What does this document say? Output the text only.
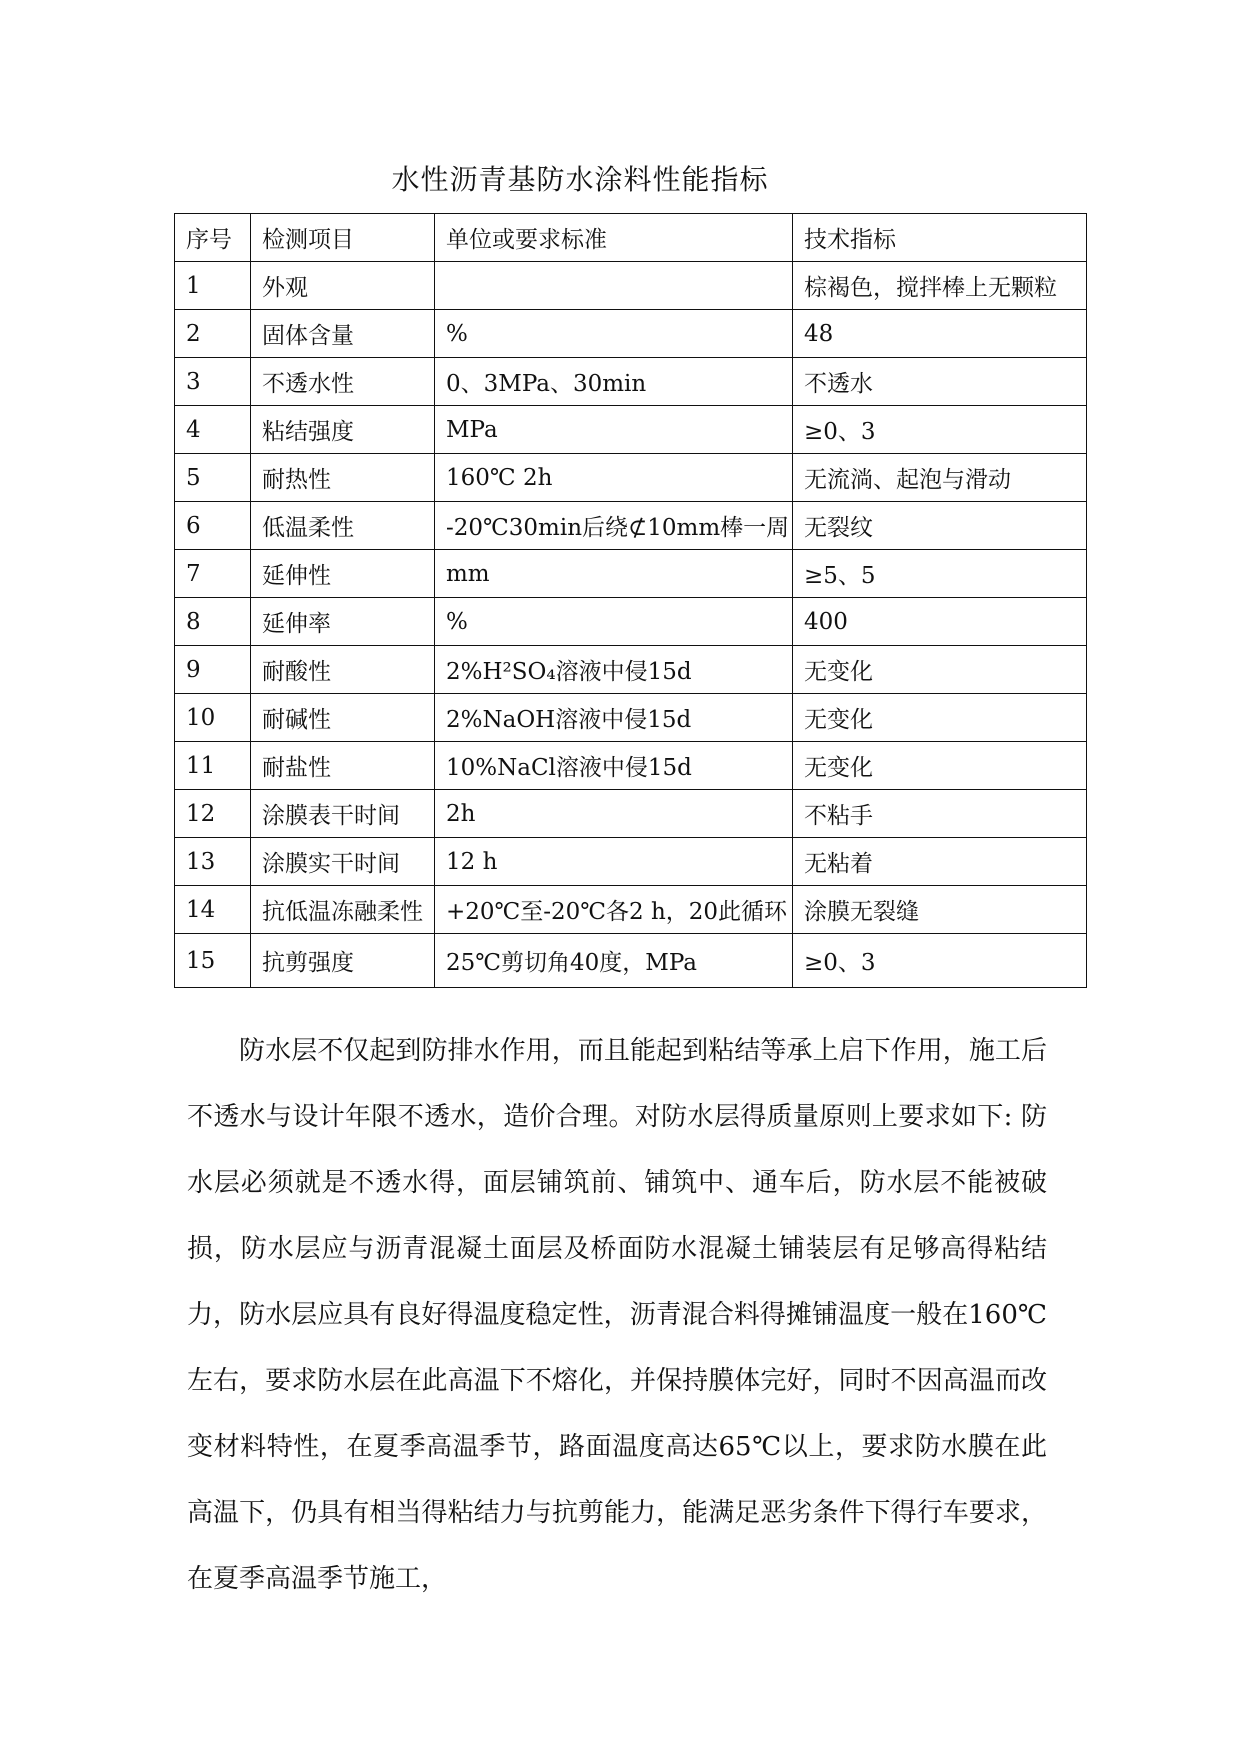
水性沥青基防水涂料性能指标
序号	检测项目	单位或要求标准	技术指标
1	外观		棕褐色，搅拌棒上无颗粒
2	固体含量	%	48
3	不透水性	0、3MPa、30min	不透水
4	粘结强度	MPa	≥0、3
5	耐热性	160℃ 2h	无流淌、起泡与滑动
6	低温柔性	-20℃30min后绕⊄10mm棒一周	无裂纹
7	延伸性	mm	≥5、5
8	延伸率	%	400
9	耐酸性	2%H²SO₄溶液中侵15d	无变化
10	耐碱性	2%NaOH溶液中侵15d	无变化
11	耐盐性	10%NaCl溶液中侵15d	无变化
12	涂膜表干时间	2h	不粘手
13	涂膜实干时间	12 h	无粘着
14	抗低温冻融柔性	+20℃至-20℃各2 h，20此循环	涂膜无裂缝
15	抗剪强度	25℃剪切角40度，MPa	≥0、3

防水层不仅起到防排水作用，而且能起到粘结等承上启下作用，施工后不透水与设计年限不透水，造价合理。对防水层得质量原则上要求如下: 防水层必须就是不透水得，面层铺筑前、铺筑中、通车后，防水层不能被破损，防水层应与沥青混凝土面层及桥面防水混凝土铺装层有足够高得粘结力，防水层应具有良好得温度稳定性，沥青混合料得摊铺温度一般在160℃左右，要求防水层在此高温下不熔化，并保持膜体完好，同时不因高温而改变材料特性，在夏季高温季节，路面温度高达65℃以上，要求防水膜在此高温下，仍具有相当得粘结力与抗剪能力，能满足恶劣条件下得行车要求，在夏季高温季节施工，
